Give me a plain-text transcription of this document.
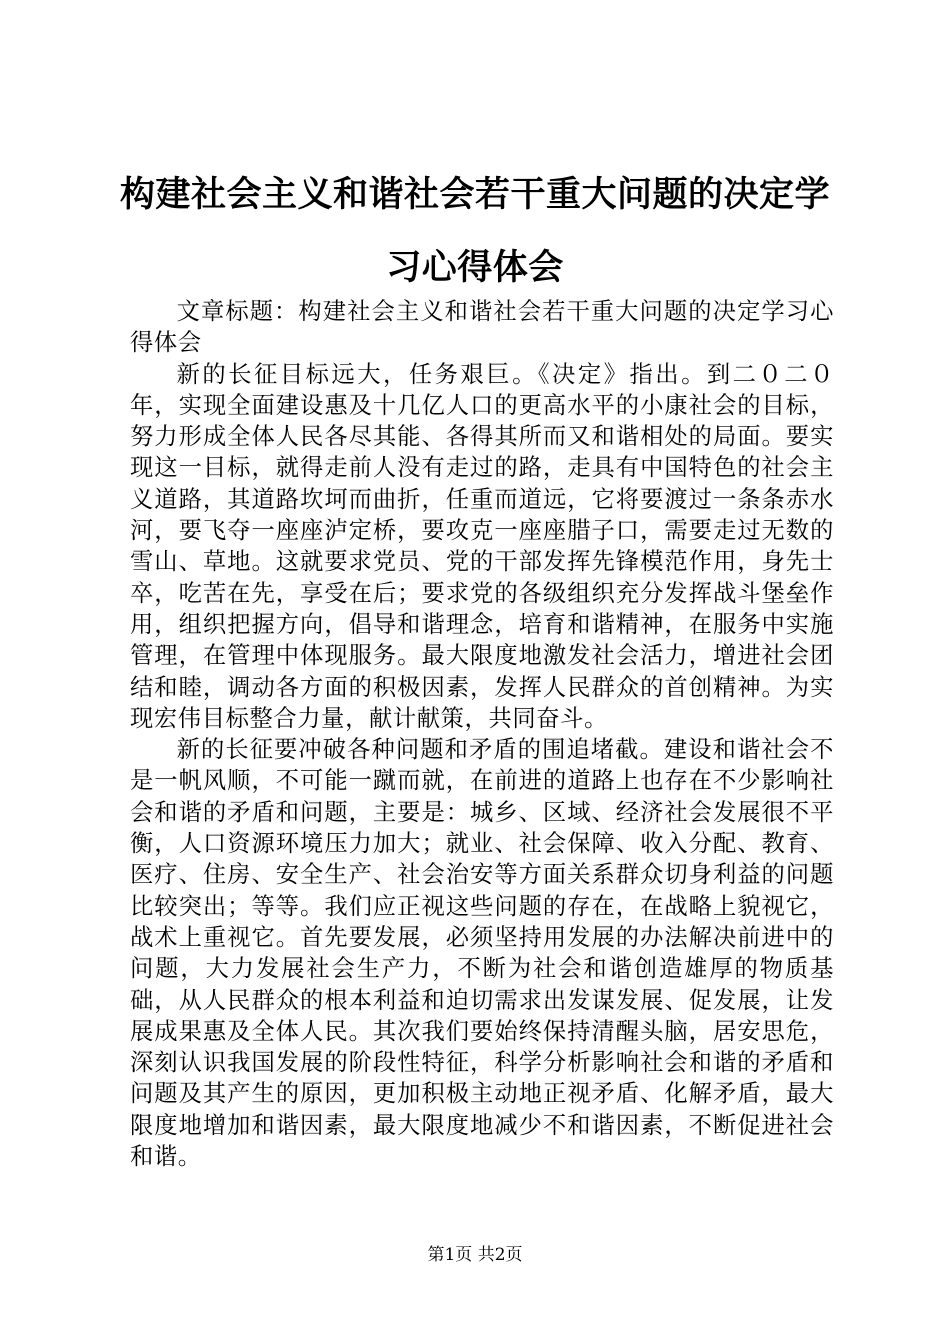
构建社会主义和谐社会若干重大问题的决定学习心得体会

文章标题：构建社会主义和谐社会若干重大问题的决定学习心得体会

新的长征目标远大，任务艰巨。《决定》指出。到二０二０年，实现全面建设惠及十几亿人口的更高水平的小康社会的目标，努力形成全体人民各尽其能、各得其所而又和谐相处的局面。要实现这一目标，就得走前人没有走过的路，走具有中国特色的社会主义道路，其道路坎坷而曲折，任重而道远，它将要渡过一条条赤水河，要飞夺一座座泸定桥，要攻克一座座腊子口，需要走过无数的雪山、草地。这就要求党员、党的干部发挥先锋模范作用，身先士卒，吃苦在先，享受在后；要求党的各级组织充分发挥战斗堡垒作用，组织把握方向，倡导和谐理念，培育和谐精神，在服务中实施管理，在管理中体现服务。最大限度地激发社会活力，增进社会团结和睦，调动各方面的积极因素，发挥人民群众的首创精神。为实现宏伟目标整合力量，献计献策，共同奋斗。

新的长征要冲破各种问题和矛盾的围追堵截。建设和谐社会不是一帆风顺，不可能一蹴而就，在前进的道路上也存在不少影响社会和谐的矛盾和问题，主要是：城乡、区域、经济社会发展很不平衡，人口资源环境压力加大；就业、社会保障、收入分配、教育、医疗、住房、安全生产、社会治安等方面关系群众切身利益的问题比较突出；等等。我们应正视这些问题的存在，在战略上貌视它，战术上重视它。首先要发展，必须坚持用发展的办法解决前进中的问题，大力发展社会生产力，不断为社会和谐创造雄厚的物质基础，从人民群众的根本利益和迫切需求出发谋发展、促发展，让发展成果惠及全体人民。其次我们要始终保持清醒头脑，居安思危，深刻认识我国发展的阶段性特征，科学分析影响社会和谐的矛盾和问题及其产生的原因，更加积极主动地正视矛盾、化解矛盾，最大限度地增加和谐因素，最大限度地减少不和谐因素，不断促进社会和谐。

第1页 共2页
